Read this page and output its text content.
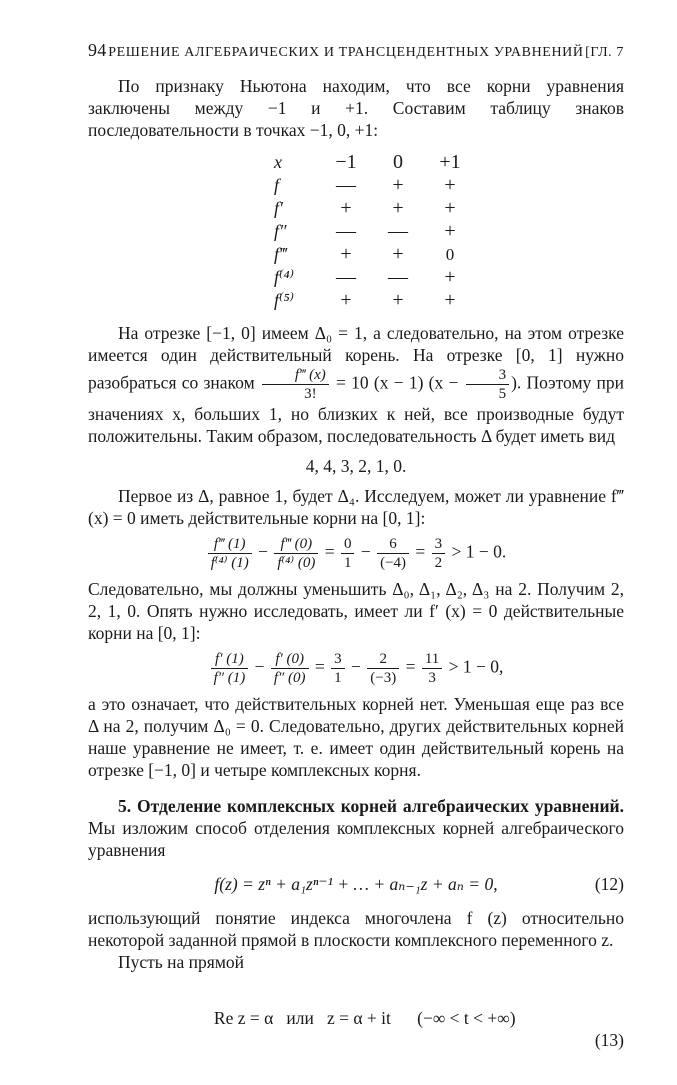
94 РЕШЕНИЕ АЛГЕБРАИЧЕСКИХ И ТРАНСЦЕНДЕНТНЫХ УРАВНЕНИЙ [ГЛ. 7

По признаку Ньютона находим, что все корни уравнения заключены между −1 и +1. Составим таблицу знаков последовательности в точках −1, 0, +1:

x	−1	0	+1
f	—	+	+
f′	+	+	+
f″	—	—	+
f‴	+	+	0
f⁽⁴⁾	—	—	+
f⁽⁵⁾	+	+	+

На отрезке [−1, 0] имеем Δ₀ = 1, а следовательно, на этом отрезке имеется один действительный корень. На отрезке [0, 1] нужно разобраться со знаком $\frac{f‴ (x)}{3!} = 10$ (x − 1) ($x - \frac{3}{5}$ ). Поэтому при значениях x, больших 1, но близких к ней, все производные будут положительны. Таким образом, последовательность Δ будет иметь вид

4, 4, 3, 2, 1, 0.

Первое из Δ, равное 1, будет Δ₄. Исследуем, может ли уравнение f‴ (x) = 0 иметь действительные корни на [0, 1]:

$\frac{f‴ (1)}{\text{f⁽⁴⁾ (1)}} - \frac{f‴ (0)}{\text{f⁽⁴⁾ (0)}} = \frac{0}{1} - \frac{6}{(-4)} = \frac{3}{2} > 1 - 0$.

Следовательно, мы должны уменьшить Δ₀, Δ₁, Δ₂, Δ₃ на 2. Получим 2, 2, 1, 0. Опять нужно исследовать, имеет ли f′ (x) = 0 действительные корни на [0, 1]:

$\frac{f' (1)}{f'' (1)} - \frac{f' (0)}{f'' (0)} = \frac{3}{1} - \frac{2}{(-3)} = \frac{11}{3} > 1 - 0$,

а это означает, что действительных корней нет. Уменьшая еще раз все Δ на 2, получим Δ₀ = 0. Следовательно, других действительных корней наше уравнение не имеет, т. е. имеет один действительный корень на отрезке [−1, 0] и четыре комплексных корня.

5. Отделение комплексных корней алгебраических уравнений. Мы изложим способ отделения комплексных корней алгебраического уравнения

f(z) = zⁿ + a₁zⁿ⁻¹ + … + aₙ₋₁z + aₙ = 0,	(12)

использующий понятие индекса многочлена f (z) относительно некоторой заданной прямой в плоскости комплексного переменного z.

Пусть на прямой

Re z = α   или   z = α + it      (−∞ < t < +∞)

(13)
